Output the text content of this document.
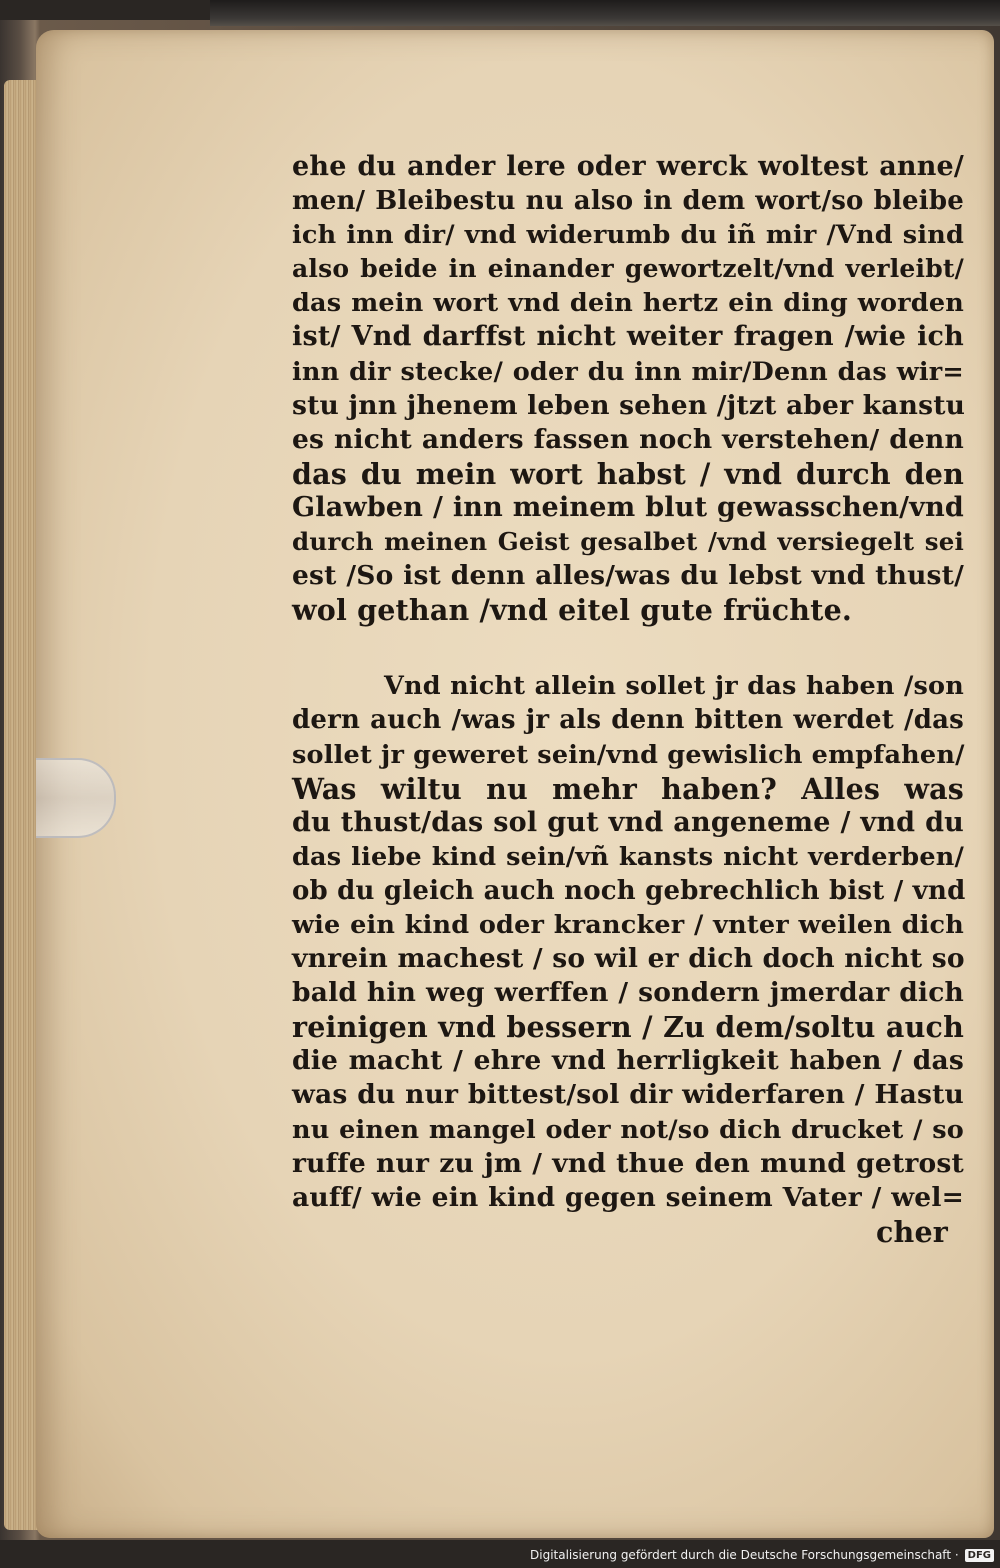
ehe du ander lere oder werck woltest anne/
men/ Bleibestu nu also in dem wort/so bleibe
ich inn dir/ vnd widerumb du iñ mir /Vnd sind
also beide in einander gewortzelt/vnd verleibt/
das mein wort vnd dein hertz ein ding worden
ist/ Vnd darffst nicht weiter fragen /wie ich
inn dir stecke/ oder du inn mir/Denn das wir=
stu jnn jhenem leben sehen /jtzt aber kanstu
es nicht anders fassen noch verstehen/ denn
das du mein wort habst / vnd durch den
Glawben / inn meinem blut gewasschen/vnd
durch meinen Geist gesalbet /vnd versiegelt sei
est /So ist denn alles/was du lebst vnd thust/
wol gethan /vnd eitel gute früchte.
Vnd nicht allein sollet jr das haben /son
dern auch /was jr als denn bitten werdet /das
sollet jr geweret sein/vnd gewislich empfahen/
Was wiltu nu mehr haben? Alles was
du thust/das sol gut vnd angeneme / vnd du
das liebe kind sein/vñ kansts nicht verderben/
ob du gleich auch noch gebrechlich bist / vnd
wie ein kind oder krancker / vnter weilen dich
vnrein machest / so wil er dich doch nicht so
bald hin weg werffen / sondern jmerdar dich
reinigen vnd bessern / Zu dem/soltu auch
die macht / ehre vnd herrligkeit haben / das
was du nur bittest/sol dir widerfaren / Hastu
nu einen mangel oder not/so dich drucket / so
ruffe nur zu jm / vnd thue den mund getrost
auff/ wie ein kind gegen seinem Vater / wel=
cher
Digitalisierung gefördert durch die Deutsche Forschungsgemeinschaft · DFG
